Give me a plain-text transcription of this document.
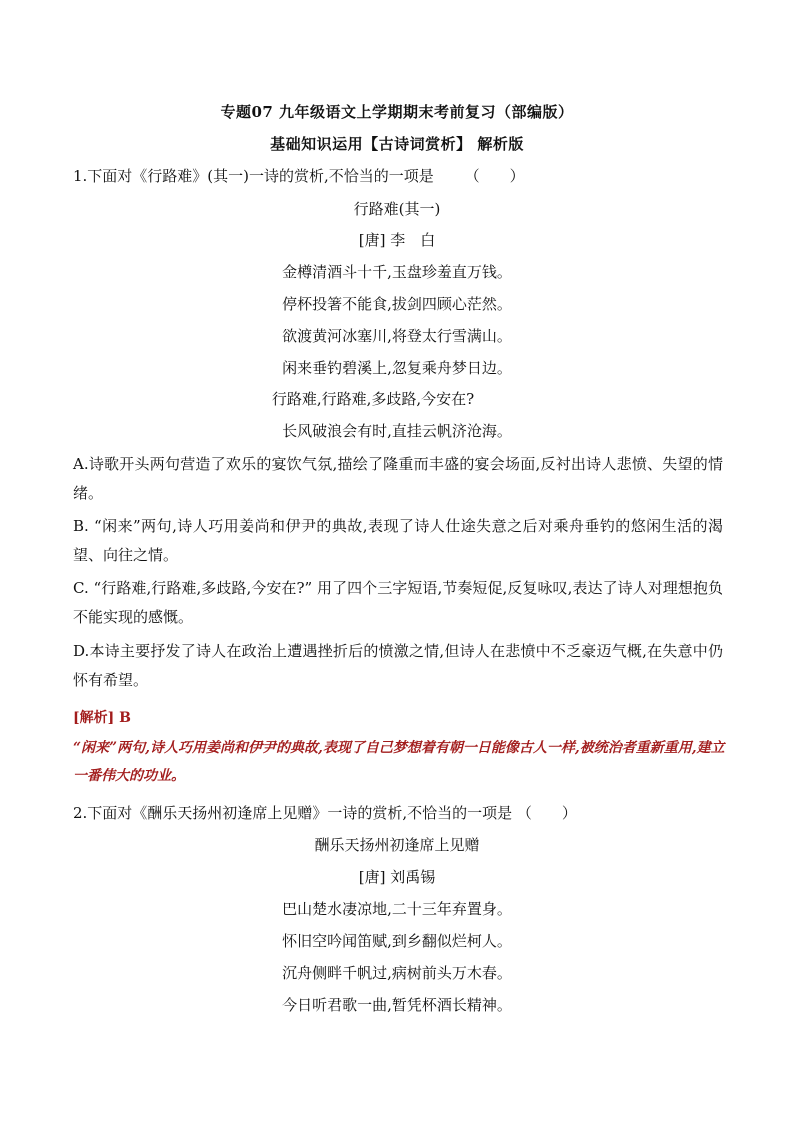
专题07 九年级语文上学期期末考前复习（部编版）
基础知识运用【古诗词赏析】 解析版
1.下面对《行路难》(其一)一诗的赏析,不恰当的一项是 （　　）
行路难(其一)
[唐] 李　白
金樽清酒斗十千,玉盘珍羞直万钱。
停杯投箸不能食,拔剑四顾心茫然。
欲渡黄河冰塞川,将登太行雪满山。
闲来垂钓碧溪上,忽复乘舟梦日边。
行路难,行路难,多歧路,今安在?
长风破浪会有时,直挂云帆济沧海。
A.诗歌开头两句营造了欢乐的宴饮气氛,描绘了隆重而丰盛的宴会场面,反衬出诗人悲愤、失望的情绪。
B. “闲来”两句,诗人巧用姜尚和伊尹的典故,表现了诗人仕途失意之后对乘舟垂钓的悠闲生活的渴望、向往之情。
C. “行路难,行路难,多歧路,今安在?” 用了四个三字短语,节奏短促,反复咏叹,表达了诗人对理想抱负不能实现的感慨。
D.本诗主要抒发了诗人在政治上遭遇挫折后的愤激之情,但诗人在悲愤中不乏豪迈气概,在失意中仍怀有希望。
[解析] B
“闲来”两句,诗人巧用姜尚和伊尹的典故,表现了自己梦想着有朝一日能像古人一样,被统治者重新重用,建立一番伟大的功业。
2.下面对《酬乐天扬州初逢席上见赠》一诗的赏析,不恰当的一项是 （　　）
酬乐天扬州初逢席上见赠
[唐] 刘禹锡
巴山楚水凄凉地,二十三年弃置身。
怀旧空吟闻笛赋,到乡翻似烂柯人。
沉舟侧畔千帆过,病树前头万木春。
今日听君歌一曲,暂凭杯酒长精神。
